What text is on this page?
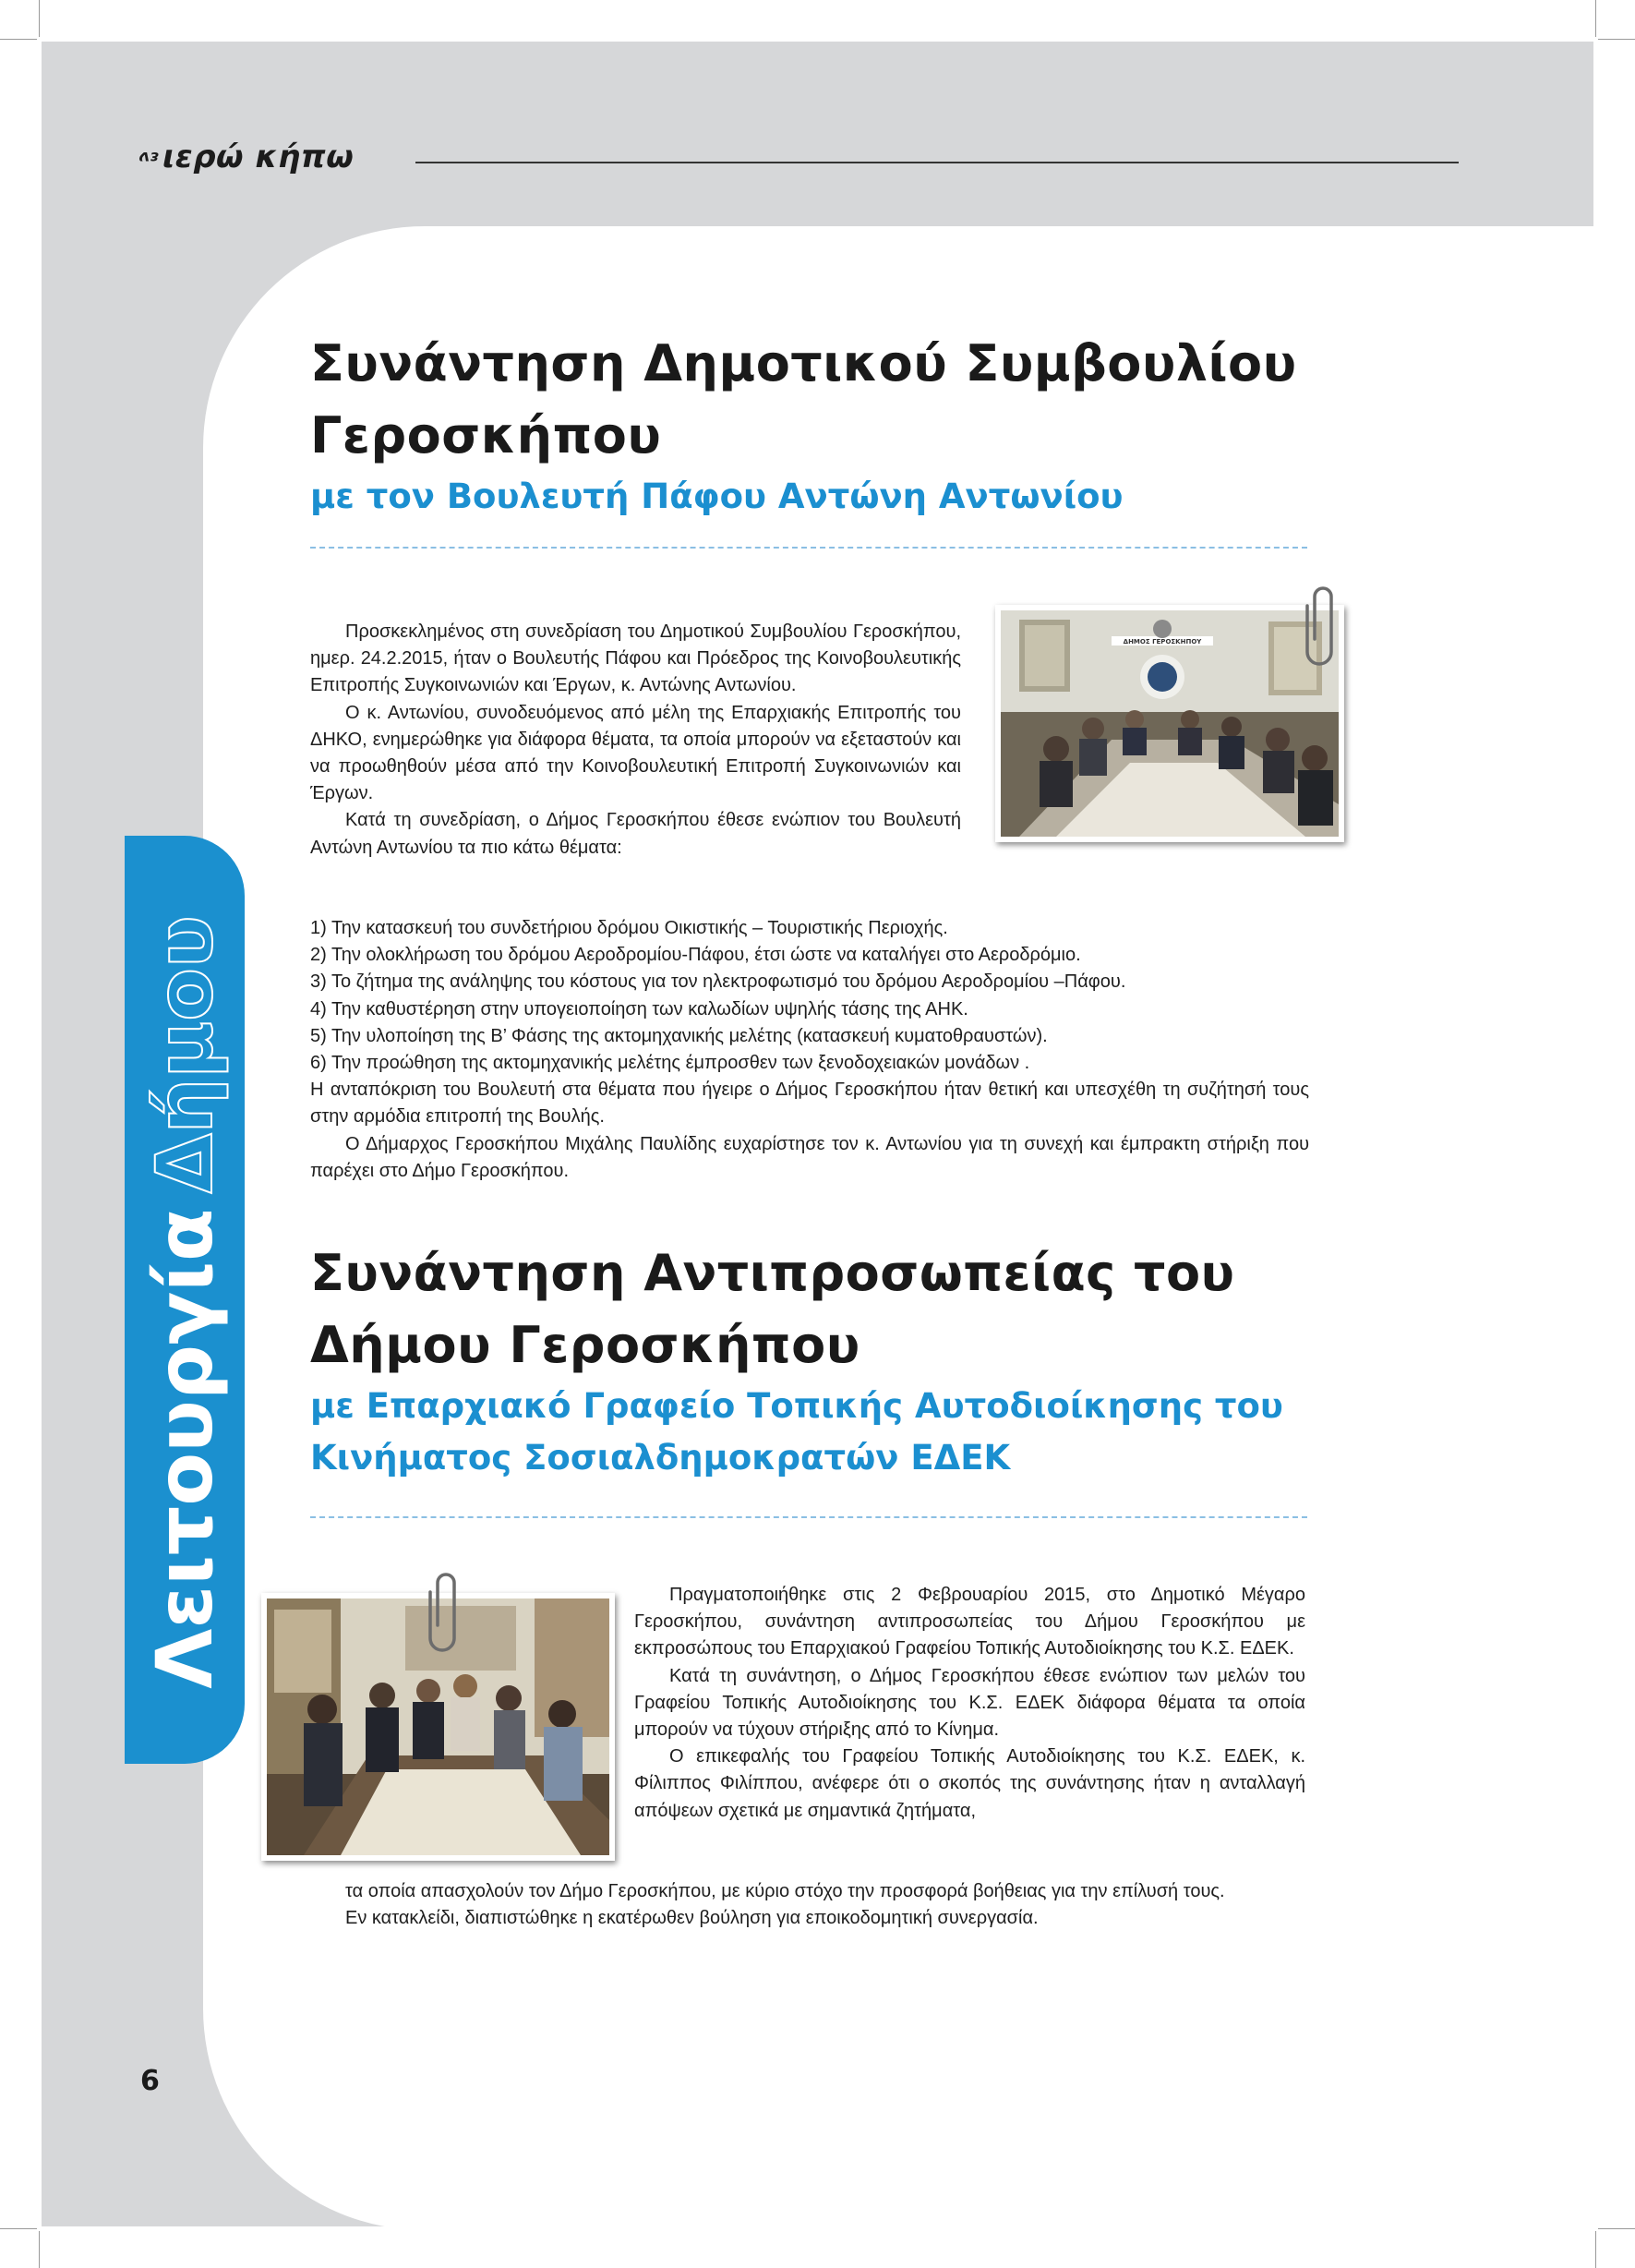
εν ιερώ κήπω
ΛειτουργίαΔήμου
Συνάντηση Δημοτικού Συμβουλίου
Γεροσκήπου
με τον Βουλευτή Πάφου Αντώνη Αντωνίου
ΔΗΜΟΣ ΓΕΡΟΣΚΗΠΟΥ

Προσκεκλημένος στη συνεδρίαση του Δημοτικού Συμβουλίου Γεροσκήπου, ημερ. 24.2.2015, ήταν ο Βουλευτής Πάφου και Πρόεδρος της Κοινοβουλευτικής Επιτροπής Συγκοινωνιών και Έργων, κ. Αντώνης Αντωνίου.

Ο κ. Αντωνίου, συνοδευόμενος από μέλη της Επαρχιακής Επιτροπής του ΔΗΚΟ, ενημερώθηκε για διάφορα θέματα, τα οποία μπορούν να εξεταστούν και να προωθηθούν μέσα από την Κοινοβουλευτική Επιτροπή Συγκοινωνιών και Έργων.

Κατά τη συνεδρίαση, ο Δήμος Γεροσκήπου έθεσε ενώπιον του Βουλευτή Αντώνη Αντωνίου τα πιο κάτω θέματα:

1) Την κατασκευή του συνδετήριου δρόμου Οικιστικής – Τουριστικής Περιοχής.

2) Την ολοκλήρωση του δρόμου Αεροδρομίου-Πάφου, έτσι ώστε να καταλήγει στο Αεροδρόμιο.

3) Το ζήτημα της ανάληψης του κόστους για τον ηλεκτροφωτισμό του δρόμου Αεροδρομίου –Πάφου.

4) Την καθυστέρηση στην υπογειοποίηση των καλωδίων υψηλής τάσης της ΑΗΚ.

5) Την υλοποίηση της Β’ Φάσης της ακτομηχανικής μελέτης (κατασκευή κυματοθραυστών).

6) Την προώθηση της ακτομηχανικής μελέτης έμπροσθεν των ξενοδοχειακών μονάδων .

Η ανταπόκριση του Βουλευτή στα θέματα που ήγειρε ο Δήμος Γεροσκήπου ήταν θετική και υπεσχέθη τη συζήτησή τους στην αρμόδια επιτροπή της Βουλής.

Ο Δήμαρχος Γεροσκήπου Μιχάλης Παυλίδης ευχαρίστησε τον κ. Αντωνίου για τη συνεχή και έμπρακτη στήριξη που παρέχει στο Δήμο Γεροσκήπου.

Συνάντηση Αντιπροσωπείας του
Δήμου Γεροσκήπου
με Επαρχιακό Γραφείο Τοπικής Αυτοδιοίκησης του
Κινήματος Σοσιαλδημοκρατών ΕΔΕΚ

Πραγματοποιήθηκε στις 2 Φεβρουαρίου 2015, στο Δημοτικό Μέγαρο Γεροσκήπου, συνάντηση αντιπροσωπείας του Δήμου Γεροσκήπου με εκπροσώπους του Επαρχιακού Γραφείου Τοπικής Αυτοδιοίκησης του Κ.Σ. ΕΔΕΚ.

Κατά τη συνάντηση, ο Δήμος Γεροσκήπου έθεσε ενώπιον των μελών του Γραφείου Τοπικής Αυτοδιοίκησης του Κ.Σ. ΕΔΕΚ διάφορα θέματα τα οποία μπορούν να τύχουν στήριξης από το Κίνημα.

Ο επικεφαλής του Γραφείου Τοπικής Αυτοδιοίκησης του Κ.Σ. ΕΔΕΚ, κ. Φίλιππος Φιλίππου, ανέφερε ότι ο σκοπός της συνάντησης ήταν η ανταλλαγή απόψεων σχετικά με σημαντικά ζητήματα,

τα οποία απασχολούν τον Δήμο Γεροσκήπου, με κύριο στόχο την προσφορά βοήθειας για την επίλυσή τους.

Εν κατακλείδι, διαπιστώθηκε η εκατέρωθεν βούληση για εποικοδομητική συνεργασία.

6
